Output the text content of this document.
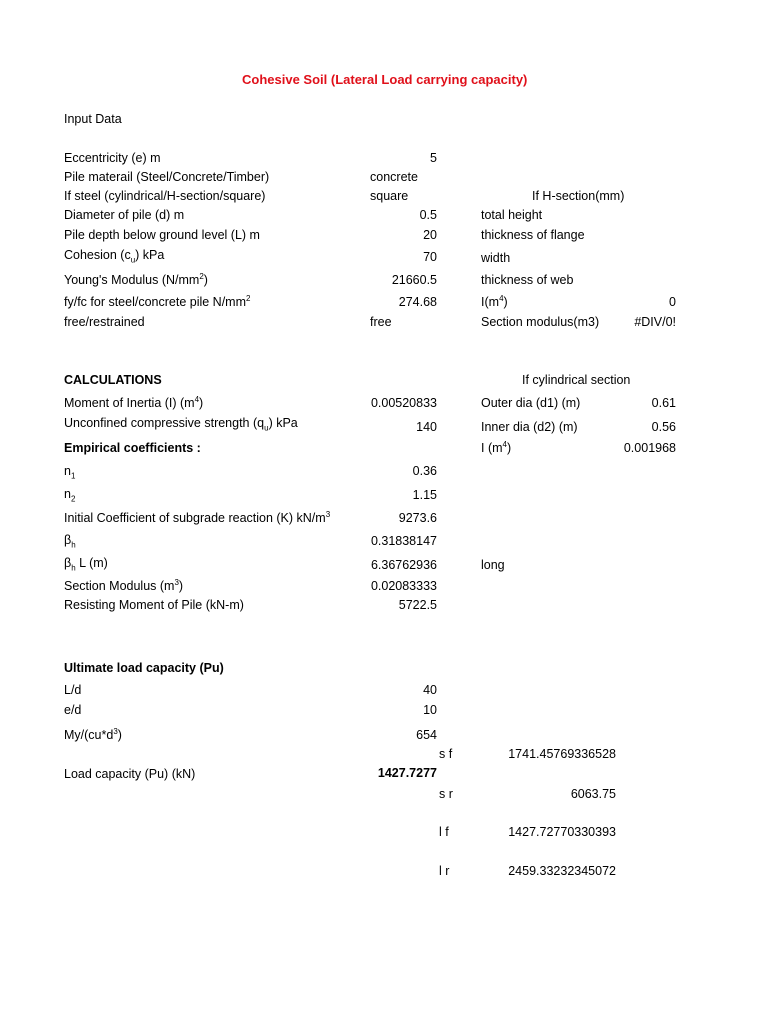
Cohesive Soil (Lateral Load carrying capacity)
Input Data
Eccentricity (e) m	5
Pile materail (Steel/Concrete/Timber)	concrete
If steel (cylindrical/H-section/square)	square	If H-section(mm)
Diameter of pile (d) m	0.5	total height
Pile depth below ground level (L) m	20	thickness of flange
Cohesion $(c_u)$ kPa	70	width
Young's Modulus $(N/mm^2)$	21660.5	thickness of web
fy/fc for steel/concrete pile $N/mm^2$	274.68	$I(m^4)$	0
free/restrained	free	Section modulus(m3)	#DIV/0!
CALCULATIONS	If cylindrical section
Moment of Inertia (I) $(m^4)$	0.00520833	Outer dia (d1) (m)	0.61
Unconfined compressive strength $(q_u)$ kPa	140	Inner dia (d2) (m)	0.56
Empirical coefficients :	I $(m^4)$	0.001968
$n_1$	0.36
$n_2$	1.15
Initial Coefficient of subgrade reaction (K) $kN/m^3$	9273.6
$\beta_h$	0.31838147
$\beta_h$ L (m)	6.36762936	long
Section Modulus $(m^3)$	0.02083333
Resisting Moment of Pile (kN-m)	5722.5
Ultimate load capacity (Pu)
L/d	40
e/d	10
$My/(cu*d^3)$	654
s f	1741.45769336528
Load capacity (Pu) (kN)	1427.7277
s r	6063.75
l f	1427.72770330393
l r	2459.33232345072
